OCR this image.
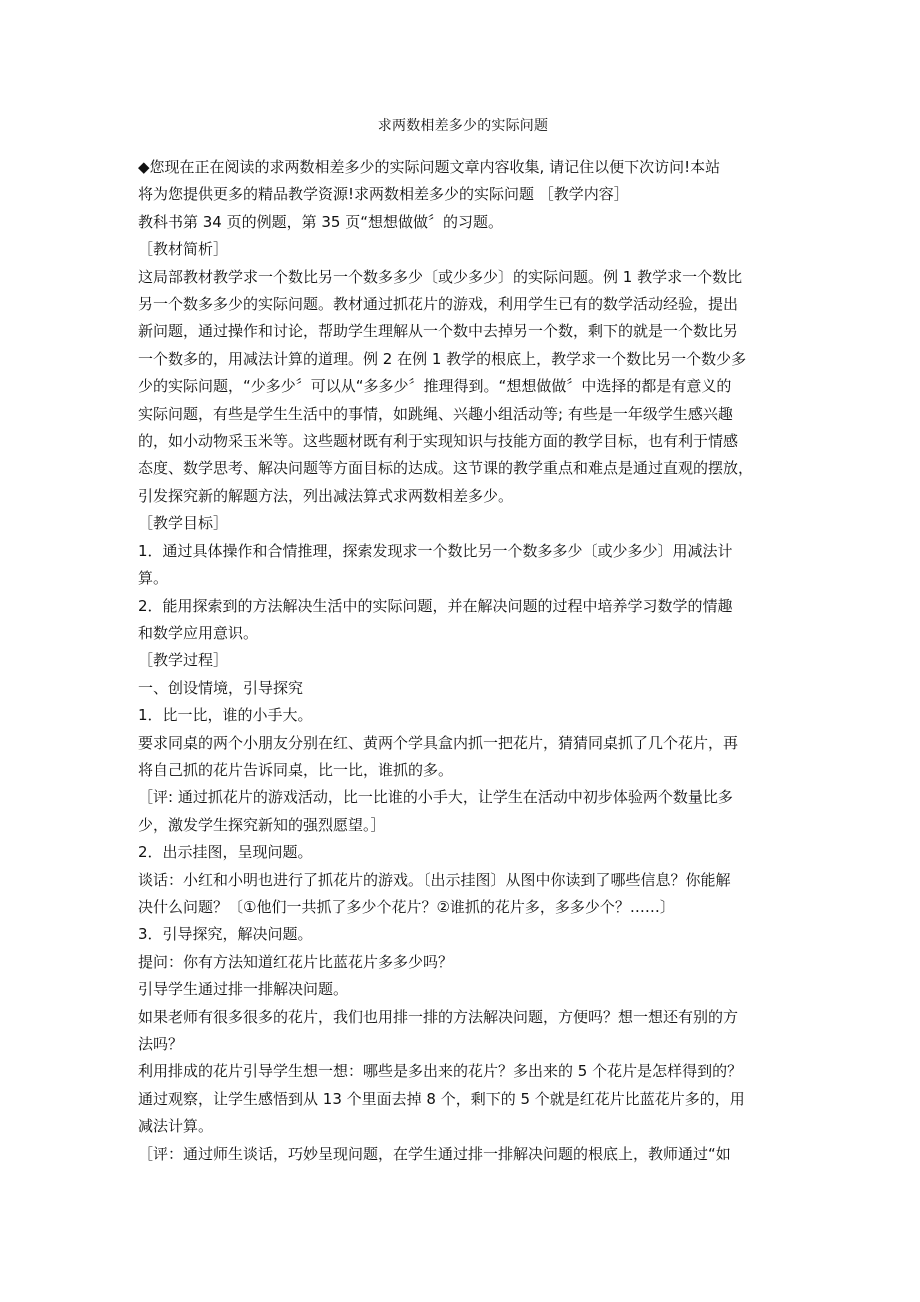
求两数相差多少的实际问题
◆您现在正在阅读的求两数相差多少的实际问题文章内容收集, 请记住以便下次访问!本站
将为您提供更多的精品教学资源!求两数相差多少的实际问题 ［教学内容］
教科书第 34 页的例题，第 35 页“想想做做〞的习题。
［教材简析］
这局部教材教学求一个数比另一个数多多少〔或少多少〕的实际问题。例 1 教学求一个数比
另一个数多多少的实际问题。教材通过抓花片的游戏，利用学生已有的数学活动经验，提出
新问题，通过操作和讨论，帮助学生理解从一个数中去掉另一个数，剩下的就是一个数比另
一个数多的，用减法计算的道理。例 2 在例 1 教学的根底上，教学求一个数比另一个数少多
少的实际问题，“少多少〞可以从“多多少〞推理得到。“想想做做〞中选择的都是有意义的
实际问题，有些是学生生活中的事情，如跳绳、兴趣小组活动等; 有些是一年级学生感兴趣
的，如小动物采玉米等。这些题材既有利于实现知识与技能方面的教学目标，也有利于情感
态度、数学思考、解决问题等方面目标的达成。这节课的教学重点和难点是通过直观的摆放，
引发探究新的解题方法，列出减法算式求两数相差多少。
［教学目标］
1．通过具体操作和合情推理，探索发现求一个数比另一个数多多少〔或少多少〕用减法计
算。
2．能用探索到的方法解决生活中的实际问题，并在解决问题的过程中培养学习数学的情趣
和数学应用意识。
［教学过程］
一、创设情境，引导探究
1．比一比，谁的小手大。
要求同桌的两个小朋友分别在红、黄两个学具盒内抓一把花片，猜猜同桌抓了几个花片，再
将自己抓的花片告诉同桌，比一比，谁抓的多。
［评: 通过抓花片的游戏活动，比一比谁的小手大，让学生在活动中初步体验两个数量比多
少，激发学生探究新知的强烈愿望。］
2．出示挂图，呈现问题。
谈话：小红和小明也进行了抓花片的游戏。〔出示挂图〕从图中你读到了哪些信息？你能解
决什么问题？〔①他们一共抓了多少个花片？②谁抓的花片多，多多少个？……〕
3．引导探究，解决问题。
提问：你有方法知道红花片比蓝花片多多少吗？
引导学生通过排一排解决问题。
如果老师有很多很多的花片，我们也用排一排的方法解决问题，方便吗？想一想还有别的方
法吗？
利用排成的花片引导学生想一想：哪些是多出来的花片？多出来的 5 个花片是怎样得到的？
通过观察，让学生感悟到从 13 个里面去掉 8 个，剩下的 5 个就是红花片比蓝花片多的，用
减法计算。
［评：通过师生谈话，巧妙呈现问题，在学生通过排一排解决问题的根底上，教师通过“如
